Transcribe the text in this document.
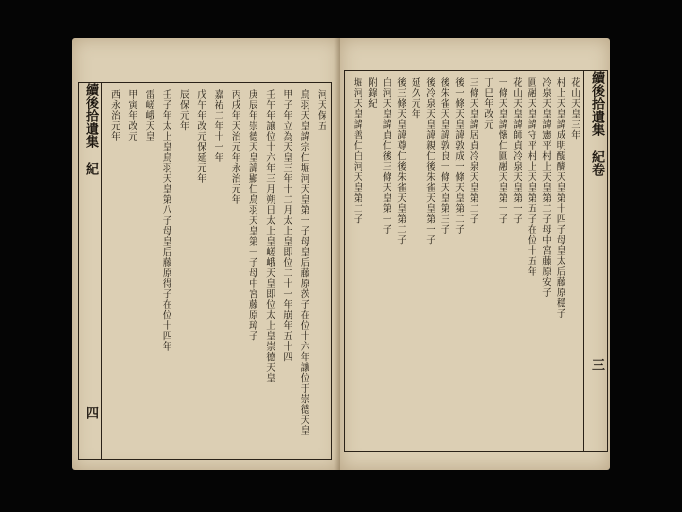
續後拾遺集
紀
四
河天保五
鳥羽天皇諱宗仁堀河天皇第一子母皇后藤原茨子在位十六年讓位于崇德天皇
甲子年立為天皇三年十二月太上皇即位二十一年崩年五十四
壬午年譲位十六年三月朔日太上皇嵯峨天皇即位太上皇崇德天皇
庚辰年崇德天皇諱顯仁鳥羽天皇第一子母中宮藤原璋子
丙戌年天治元年永治元年
嘉祐二年十一年
戊午年改元保延元年
辰保元年
壬子年太上皇鳥羽天皇第八子母皇后藤原得子在位十四年
雷嵯峨天皇
甲寅年改元
西永治元年	花山天皇三年
村上天皇諱成明醍醐天皇第十四子母皇太后藤原穩子
冷泉天皇諱憲平村上天皇第二子母中宮藤原安子
圓融天皇諱守平村上天皇第五子在位十五年
花山天皇諱師貞冷泉天皇第一子
一條天皇諱懷仁圓融天皇第一子
丁巳年改元
三條天皇諱居貞冷泉天皇第二子
後一條天皇諱敦成一條天皇第二子
後朱雀天皇諱敦良一條天皇第三子
後冷泉天皇諱親仁後朱雀天皇第一子
延久元年
後三條天皇諱尊仁後朱雀天皇第二子
白河天皇諱貞仁後三條天皇第一子
附錄紀
堀河天皇諱善仁白河天皇第二子	續後拾遺集
紀卷
三
